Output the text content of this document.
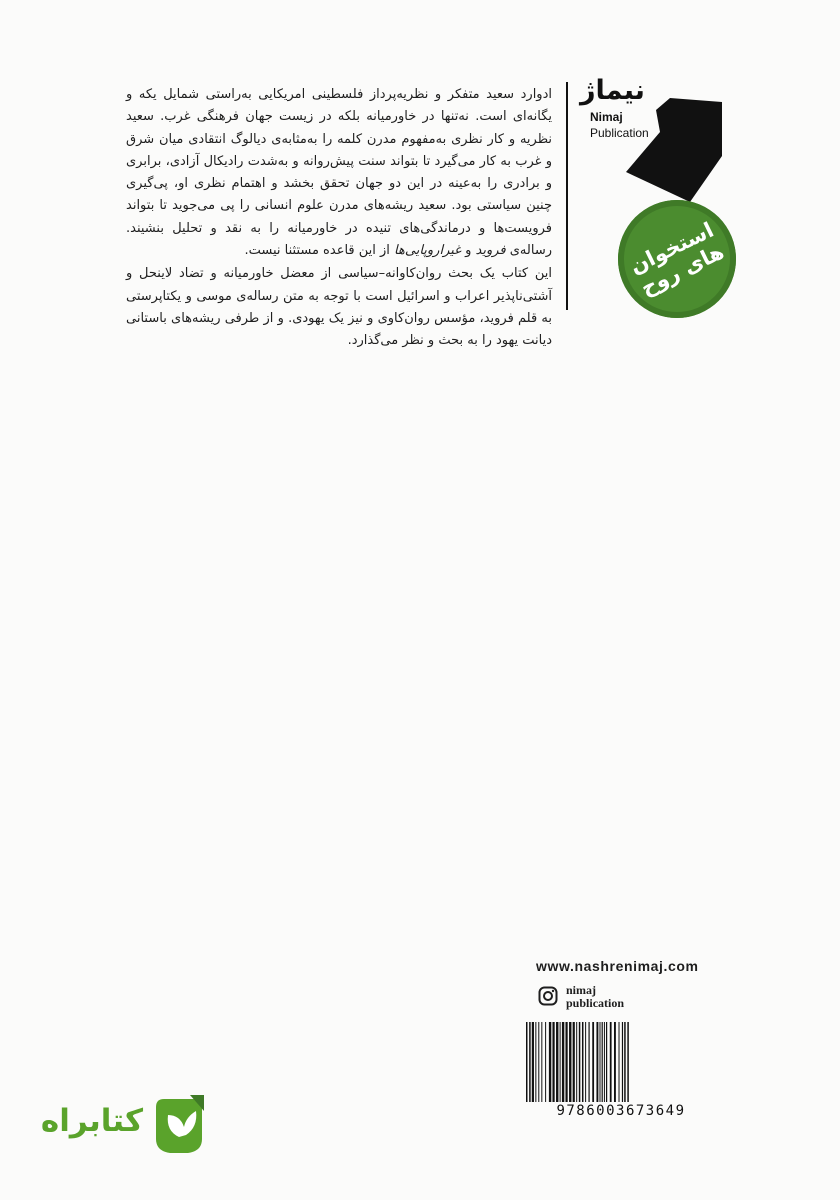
ادوارد سعید متفکر و نظریه‌پرداز فلسطینی امریکایی به‌راستی شمایل یکه و یگانه‌ای است. نه‌تنها در خاورمیانه بلکه در زیست جهان فرهنگی غرب. سعید نظریه و کار نظری به‌مفهوم مدرن کلمه را به‌مثابه‌ی دیالوگ انتقادی میان شرق و غرب به کار می‌گیرد تا بتواند سنت پیش‌روانه و به‌شدت رادیکال آزادی، برابری و برادری را به‌عینه در این دو جهان تحقق بخشد و اهتمام نظری او، پی‌گیری چنین سیاستی بود. سعید ریشه‌های مدرن علوم انسانی را پی می‌جوید تا بتواند فرویست‌ها و درماندگی‌های تنیده در خاورمیانه را به نقد و تحلیل بنشیند. رساله‌ی فروید و غیراروپایی‌ها از این قاعده مستثنا نیست.

این کتاب یک بحث روان‌کاوانه–سیاسی از معضل خاورمیانه و تضاد لاینحل و آشتی‌ناپذیر اعراب و اسرائیل است با توجه به متن رساله‌ی موسی و یکتاپرستی به قلم فروید، مؤسس روان‌کاوی و نیز یک یهودی. و از طرفی ریشه‌های باستانی دیانت یهود را به بحث و نظر می‌گذارد.

نیماژ
Nimaj
Publication
استخوان
های روح
www.nashrenimaj.com
nimaj
publication
9786003673649
کتابراه
